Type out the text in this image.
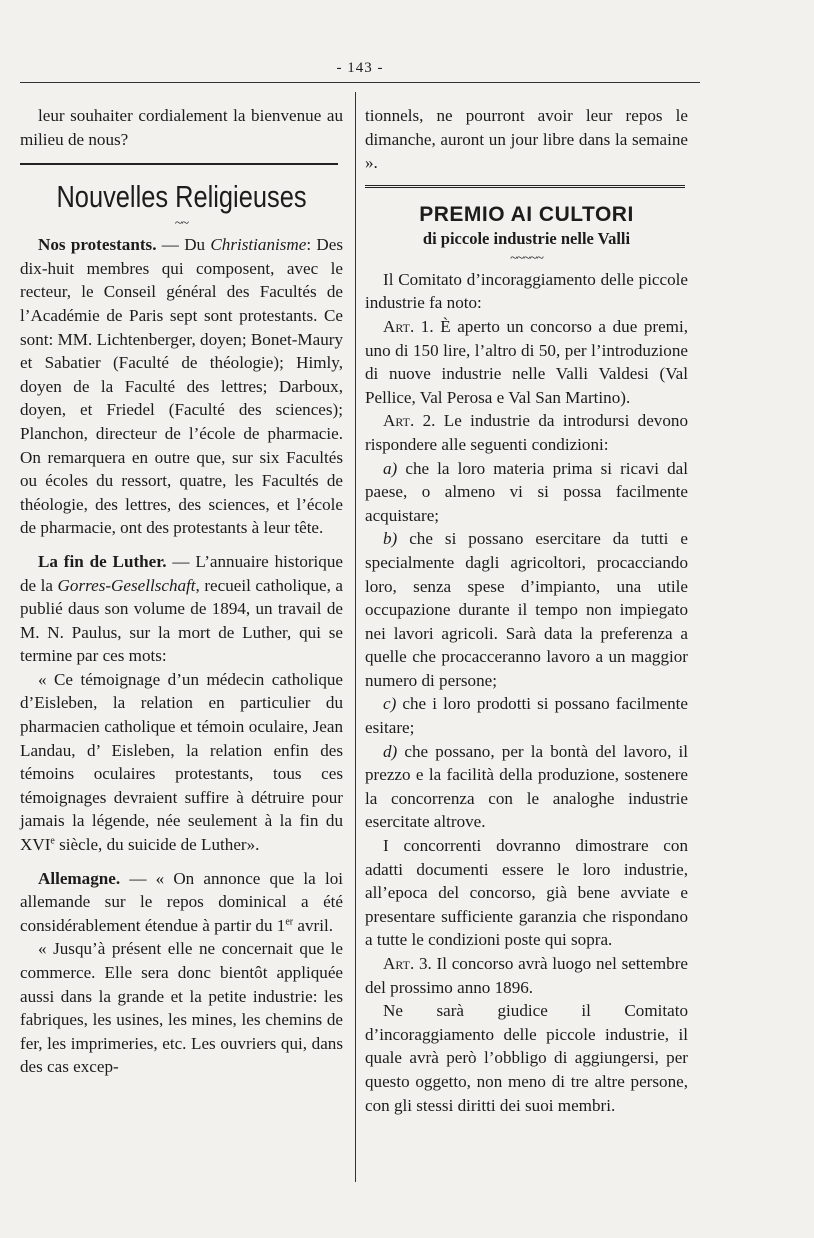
- 143 -

leur souhaiter cordialement la bienvenue au milieu de nous?

Nouvelles Religieuses

~~

Nos protestants. — Du Christianisme: Des dix-huit membres qui composent, avec le recteur, le Conseil général des Facultés de l’Académie de Paris sept sont protestants. Ce sont: MM. Lichtenberger, doyen; Bonet-Maury et Sabatier (Faculté de théologie); Himly, doyen de la Faculté des lettres; Darboux, doyen, et Friedel (Faculté des sciences); Planchon, directeur de l’école de pharmacie. On remarquera en outre que, sur six Facultés ou écoles du ressort, quatre, les Facultés de théologie, des lettres, des sciences, et l’école de pharmacie, ont des protestants à leur tête.

La fin de Luther. — L’annuaire historique de la Gorres-Gesellschaft, recueil catholique, a publié daus son volume de 1894, un travail de M. N. Paulus, sur la mort de Luther, qui se termine par ces mots:

« Ce témoignage d’un médecin catholique d’Eisleben, la relation en particulier du pharmacien catholique et témoin oculaire, Jean Landau, d’ Eisleben, la relation enfin des témoins oculaires protestants, tous ces témoignages devraient suffire à détruire pour jamais la légende, née seulement à la fin du XVIe siècle, du suicide de Luther».

Allemagne. — « On annonce que la loi allemande sur le repos dominical a été considérablement étendue à partir du 1er avril.

« Jusqu’à présent elle ne concernait que le commerce. Elle sera donc bientôt appliquée aussi dans la grande et la petite industrie: les fabriques, les usines, les mines, les chemins de fer, les imprimeries, etc. Les ouvriers qui, dans des cas excep-

tionnels, ne pourront avoir leur repos le dimanche, auront un jour libre dans la semaine ».

PREMIO AI CULTORI

di piccole industrie nelle Valli

~~~~~

Il Comitato d’incoraggiamento delle piccole industrie fa noto:

Art. 1. È aperto un concorso a due premi, uno di 150 lire, l’altro di 50, per l’introduzione di nuove industrie nelle Valli Valdesi (Val Pellice, Val Perosa e Val San Martino).

Art. 2. Le industrie da introdursi devono rispondere alle seguenti condizioni:

a) che la loro materia prima si ricavi dal paese, o almeno vi si possa facilmente acquistare;

b) che si possano esercitare da tutti e specialmente dagli agricoltori, procacciando loro, senza spese d’impianto, una utile occupazione durante il tempo non impiegato nei lavori agricoli. Sarà data la preferenza a quelle che procacceranno lavoro a un maggior numero di persone;

c) che i loro prodotti si possano facilmente esitare;

d) che possano, per la bontà del lavoro, il prezzo e la facilità della produzione, sostenere la concorrenza con le analoghe industrie esercitate altrove.

I concorrenti dovranno dimostrare con adatti documenti essere le loro industrie, all’epoca del concorso, già bene avviate e presentare sufficiente garanzia che rispondano a tutte le condizioni poste qui sopra.

Art. 3. Il concorso avrà luogo nel settembre del prossimo anno 1896.

Ne sarà giudice il Comitato d’incoraggiamento delle piccole industrie, il quale avrà però l’obbligo di aggiungersi, per questo oggetto, non meno di tre altre persone, con gli stessi diritti dei suoi membri.
